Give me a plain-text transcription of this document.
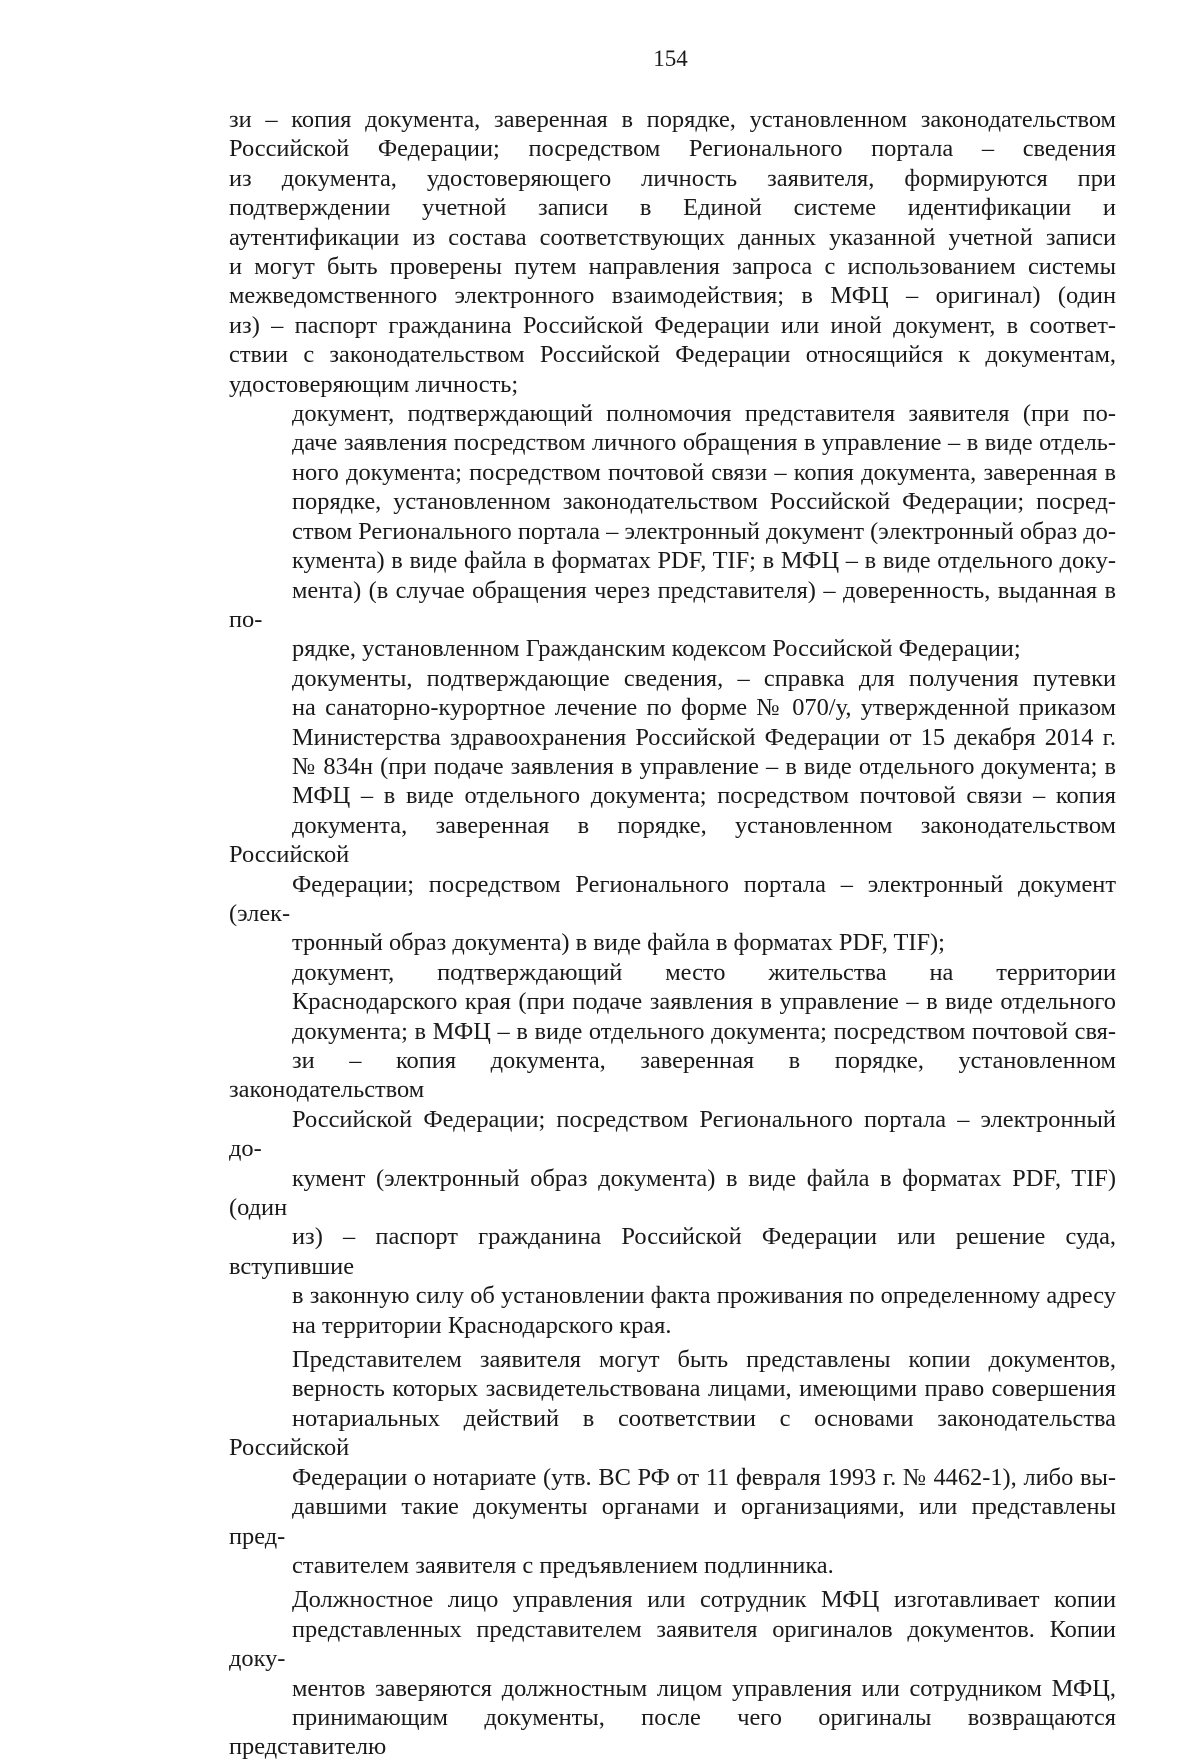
154
зи – копия документа, заверенная в порядке, установленном законодательством
Российской Федерации; посредством Регионального портала – сведения
из документа, удостоверяющего личность заявителя, формируются при
подтверждении учетной записи в Единой системе идентификации и
аутентификации из состава соответствующих данных указанной учетной записи
и могут быть проверены путем направления запроса с использованием системы
межведомственного электронного взаимодействия; в МФЦ – оригинал) (один
из) – паспорт гражданина Российской Федерации или иной документ, в соответ-
ствии с законодательством Российской Федерации относящийся к документам,
удостоверяющим личность;
документ, подтверждающий полномочия представителя заявителя (при по-
даче заявления посредством личного обращения в управление – в виде отдель-
ного документа; посредством почтовой связи – копия документа, заверенная в
порядке, установленном законодательством Российской Федерации; посред-
ством Регионального портала – электронный документ (электронный образ до-
кумента) в виде файла в форматах PDF, TIF; в МФЦ – в виде отдельного доку-
мента) (в случае обращения через представителя) – доверенность, выданная в по-
рядке, установленном Гражданским кодексом Российской Федерации;
документы, подтверждающие сведения, – справка для получения путевки
на санаторно-курортное лечение по форме № 070/у, утвержденной приказом
Министерства здравоохранения Российской Федерации от 15 декабря 2014 г.
№ 834н (при подаче заявления в управление – в виде отдельного документа; в
МФЦ – в виде отдельного документа; посредством почтовой связи – копия
документа, заверенная в порядке, установленном законодательством Российской
Федерации; посредством Регионального портала – электронный документ (элек-
тронный образ документа) в виде файла в форматах PDF, TIF);
документ, подтверждающий место жительства на территории
Краснодарского края (при подаче заявления в управление – в виде отдельного
документа; в МФЦ – в виде отдельного документа; посредством почтовой свя-
зи – копия документа, заверенная в порядке, установленном законодательством
Российской Федерации; посредством Регионального портала – электронный до-
кумент (электронный образ документа) в виде файла в форматах PDF, TIF) (один
из) – паспорт гражданина Российской Федерации или решение суда, вступившие
в законную силу об установлении факта проживания по определенному адресу
на территории Краснодарского края.
Представителем заявителя могут быть представлены копии документов,
верность которых засвидетельствована лицами, имеющими право совершения
нотариальных действий в соответствии с основами законодательства Российской
Федерации о нотариате (утв. ВС РФ от 11 февраля 1993 г. № 4462-1), либо вы-
давшими такие документы органами и организациями, или представлены пред-
ставителем заявителя с предъявлением подлинника.
Должностное лицо управления или сотрудник МФЦ изготавливает копии
представленных представителем заявителя оригиналов документов. Копии доку-
ментов заверяются должностным лицом управления или сотрудником МФЦ,
принимающим документы, после чего оригиналы возвращаются представителю
